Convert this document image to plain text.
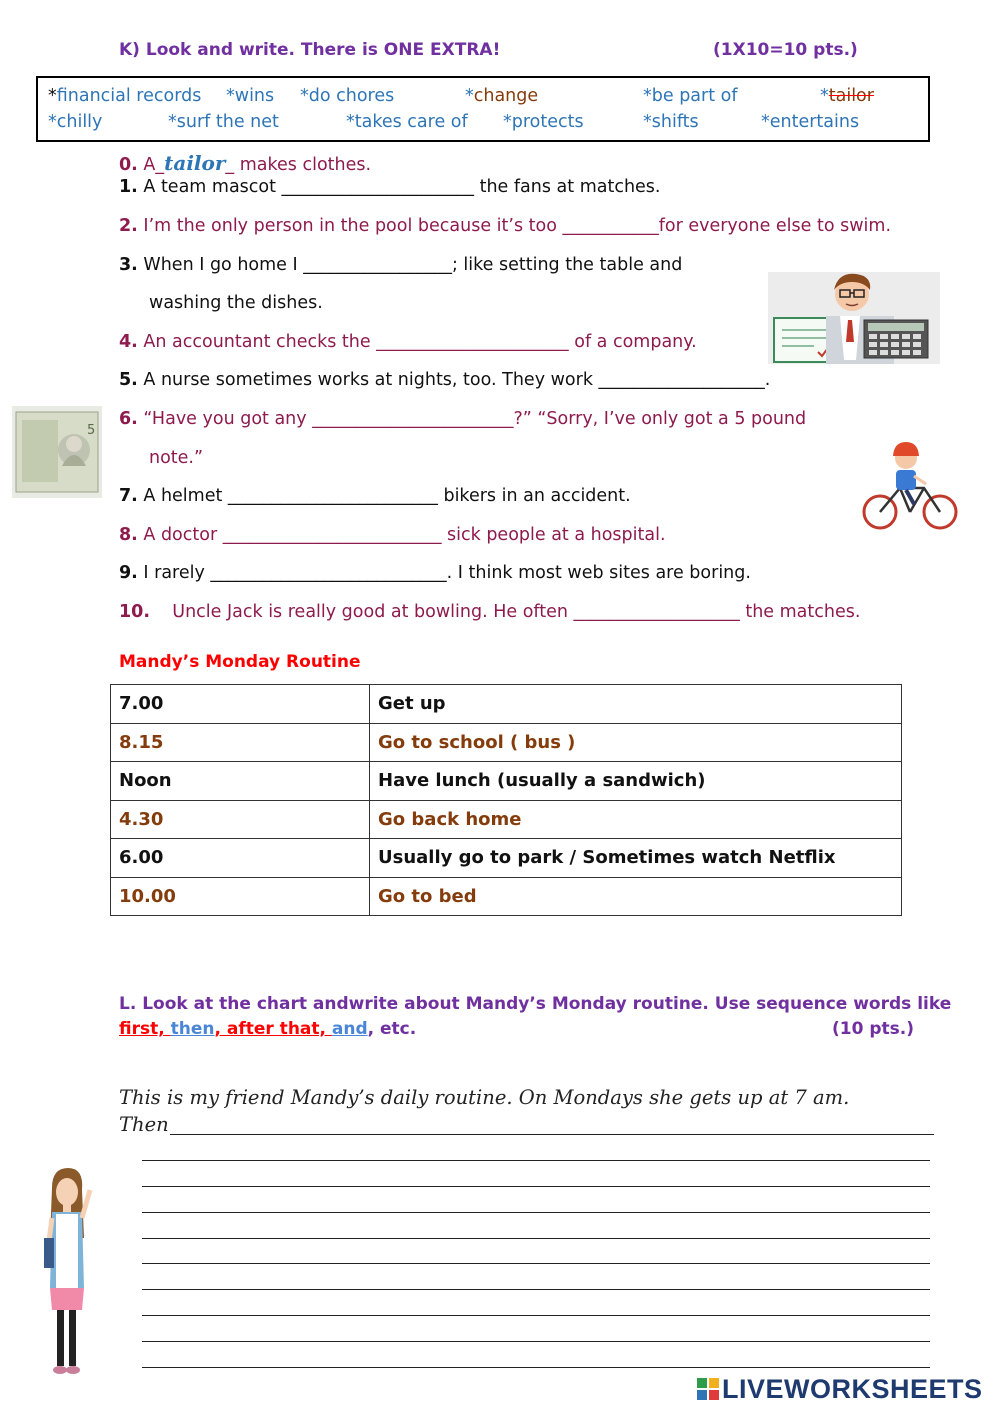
K) Look and write. There is ONE EXTRA!	(1X10=10 pts.)
*financial records *wins *do chores	*change	*be part of	*tailor
*chilly	*surf the net	*takes care of *protects	*shifts	*entertains
0. A_tailor_ makes clothes.
1. A team mascot ______________________ the fans at matches.
2. I’m the only person in the pool because it’s too ___________for everyone else to swim.
3. When I go home I _________________; like setting the table and
washing the dishes.
4. An accountant checks the ______________________ of a company.
5. A nurse sometimes works at nights, too. They work ___________________.
6. “Have you got any _______________________?” “Sorry, I’ve only got a 5 pound
note.”
7. A helmet ________________________ bikers in an accident.
8. A doctor _________________________ sick people at a hospital.
9. I rarely ___________________________. I think most web sites are boring.
10. Uncle Jack is really good at bowling. He often ___________________ the matches.
5
Mandy’s Monday Routine
7.00	Get up
8.15	Go to school ( bus )
Noon	Have lunch (usually a sandwich)
4.30	Go back home
6.00	Usually go to park / Sometimes watch Netflix
10.00	Go to bed
L. Look at the chart andwrite about Mandy’s Monday routine. Use sequence words like
first, then, after that, and, etc.	(10 pts.)
This is my friend Mandy’s daily routine. On Mondays she gets up at 7 am.
Then
LIVEWORKSHEETS
